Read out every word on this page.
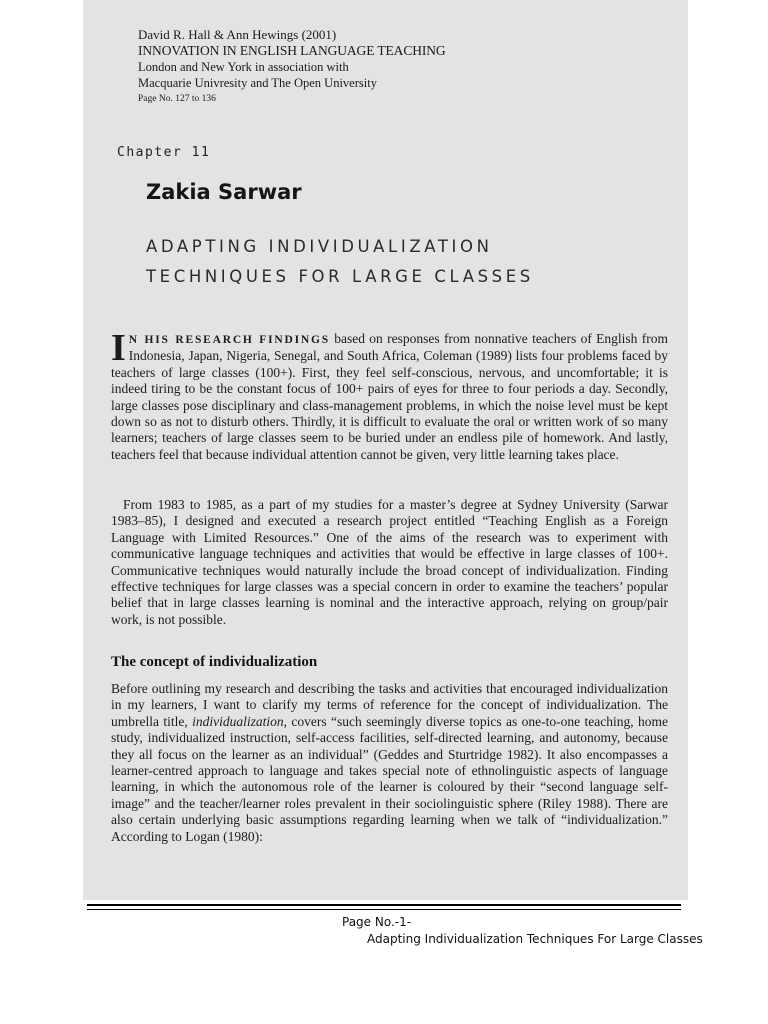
David R. Hall & Ann Hewings (2001)
INNOVATION IN ENGLISH LANGUAGE TEACHING
London and New York in association with
Macquarie Univresity and The Open University
Page No. 127 to 136
Chapter 11
Zakia Sarwar
ADAPTING INDIVIDUALIZATION
TECHNIQUES FOR LARGE CLASSES

I N HIS RESEARCH FINDINGS based on responses from nonnative teachers of English from Indonesia, Japan, Nigeria, Senegal, and South Africa, Coleman (1989) lists four problems faced by teachers of large classes (100+). First, they feel self-conscious, nervous, and uncomfortable; it is indeed tiring to be the constant focus of 100+ pairs of eyes for three to four periods a day. Secondly, large classes pose disciplinary and class-management problems, in which the noise level must be kept down so as not to disturb others. Thirdly, it is difficult to evaluate the oral or written work of so many learners; teachers of large classes seem to be buried under an endless pile of homework. And lastly, teachers feel that because individual attention cannot be given, very little learning takes place.

From 1983 to 1985, as a part of my studies for a master’s degree at Sydney University (Sarwar 1983–85), I designed and executed a research project entitled “Teaching English as a Foreign Language with Limited Resources.” One of the aims of the research was to experiment with communicative language techniques and activities that would be effective in large classes of 100+. Communicative techniques would naturally include the broad concept of individualization. Finding effective techniques for large classes was a special concern in order to examine the teachers’ popular belief that in large classes learning is nominal and the interactive approach, relying on group/pair work, is not possible.

The concept of individualization

Before outlining my research and describing the tasks and activities that encouraged individualization in my learners, I want to clarify my terms of reference for the concept of individualization. The umbrella title, individualization, covers “such seemingly diverse topics as one-to-one teaching, home study, individualized instruction, self-access facilities, self-directed learning, and autonomy, because they all focus on the learner as an individual” (Geddes and Sturtridge 1982). It also encompasses a learner-centred approach to language and takes special note of ethnolinguistic aspects of language learning, in which the autonomous role of the learner is coloured by their “second language self-image” and the teacher/learner roles prevalent in their sociolinguistic sphere (Riley 1988). There are also certain underlying basic assumptions regarding learning when we talk of “individualization.” According to Logan (1980):

Page No.-1-
Adapting Individualization Techniques For Large Classes
